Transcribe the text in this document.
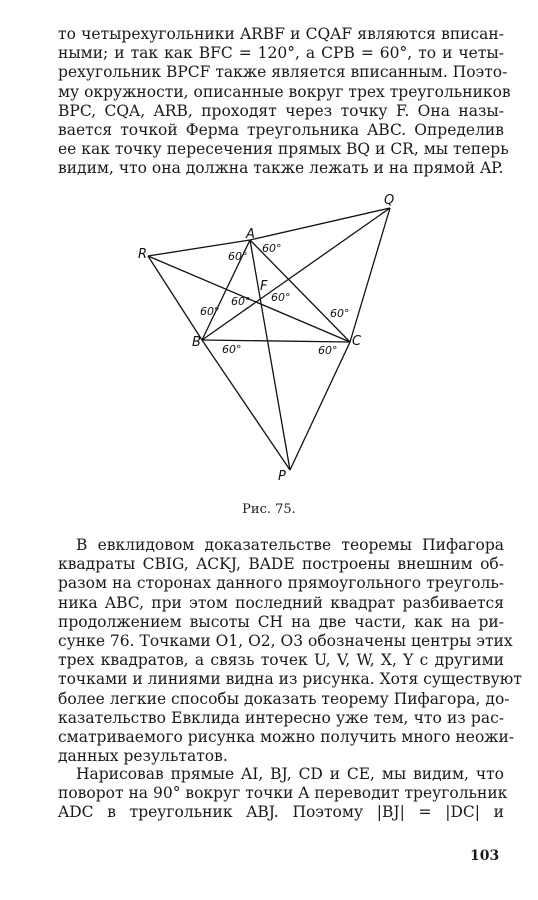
то четырехугольники ARBF и CQAF являются вписан-
ными; и так как BFC = 120°, а CPB = 60°, то и четы-
рехугольник BPCF также является вписанным. Поэто-
му окружности, описанные вокруг трех треугольников
BPC, CQA, ARB, проходят через точку F. Она назы-
вается точкой Ферма треугольника ABC. Определив
ее как точку пересечения прямых BQ и CR, мы теперь
видим, что она должна также лежать и на прямой AP.
A
B	C
P
Q
R
F
60°
60°
60°
60° 60°
60°
60°	60°
Рис. 75.
В евклидовом доказательстве теоремы Пифагора
квадраты CBIG, ACKJ, BADE построены внешним об-
разом на сторонах данного прямоугольного треуголь-
ника ABC, при этом последний квадрат разбивается
продолжением высоты CH на две части, как на ри-
сунке 76. Точками O1, O2, O3 обозначены центры этих
трех квадратов, а связь точек U, V, W, X, Y с другими
точками и линиями видна из рисунка. Хотя существуют
более легкие способы доказать теорему Пифагора, до-
казательство Евклида интересно уже тем, что из рас-
сматриваемого рисунка можно получить много неожи-
данных результатов.
Нарисовав прямые AI, BJ, CD и CE, мы видим, что
поворот на 90° вокруг точки A переводит треугольник
ADC в треугольник ABJ. Поэтому |BJ| = |DC| и
103
